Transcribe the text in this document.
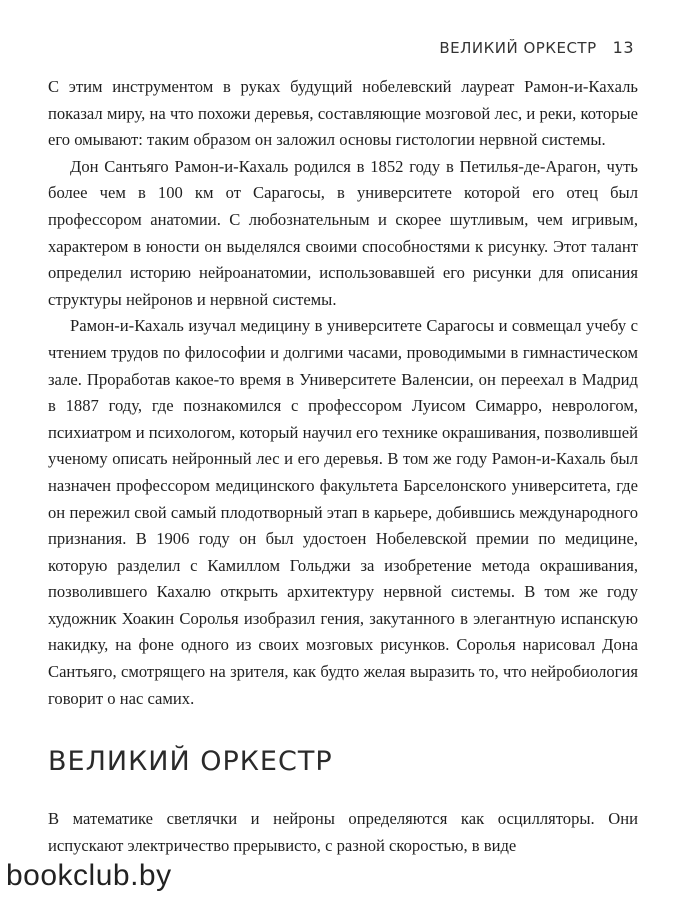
ВЕЛИКИЙ ОРКЕСТР 13

С этим инструментом в руках будущий нобелевский лауреат Рамон-и-Кахаль показал миру, на что похожи деревья, составляющие мозговой лес, и реки, которые его омывают: таким образом он заложил основы гистологии нервной системы.

Дон Сантьяго Рамон-и-Кахаль родился в 1852 году в Петилья-де-Арагон, чуть более чем в 100 км от Сарагосы, в университете которой его отец был профессором анатомии. С любознательным и скорее шутливым, чем игривым, характером в юности он выделялся своими способностями к рисунку. Этот талант определил историю нейроанатомии, использовавшей его рисунки для описания структуры нейронов и нервной системы.

Рамон-и-Кахаль изучал медицину в университете Сарагосы и совмещал учебу с чтением трудов по философии и долгими часами, проводимыми в гимнастическом зале. Проработав какое-то время в Университете Валенсии, он переехал в Мадрид в 1887 году, где познакомился с профессором Луисом Симарро, неврологом, психиатром и психологом, который научил его технике окрашивания, позволившей ученому описать нейронный лес и его деревья. В том же году Рамон-и-Кахаль был назначен профессором медицинского факультета Барселонского университета, где он пережил свой самый плодотворный этап в карьере, добившись международного признания. В 1906 году он был удостоен Нобелевской премии по медицине, которую разделил с Камиллом Гольджи за изобретение метода окрашивания, позволившего Кахалю открыть архитектуру нервной системы. В том же году художник Хоакин Соролья изобразил гения, закутанного в элегантную испанскую накидку, на фоне одного из своих мозговых рисунков. Соролья нарисовал Дона Сантьяго, смотрящего на зрителя, как будто желая выразить то, что нейробиология говорит о нас самих.

ВЕЛИКИЙ ОРКЕСТР

В математике светлячки и нейроны определяются как осцилляторы. Они испускают электричество прерывисто, с разной скоростью, в виде

bookclub.by
